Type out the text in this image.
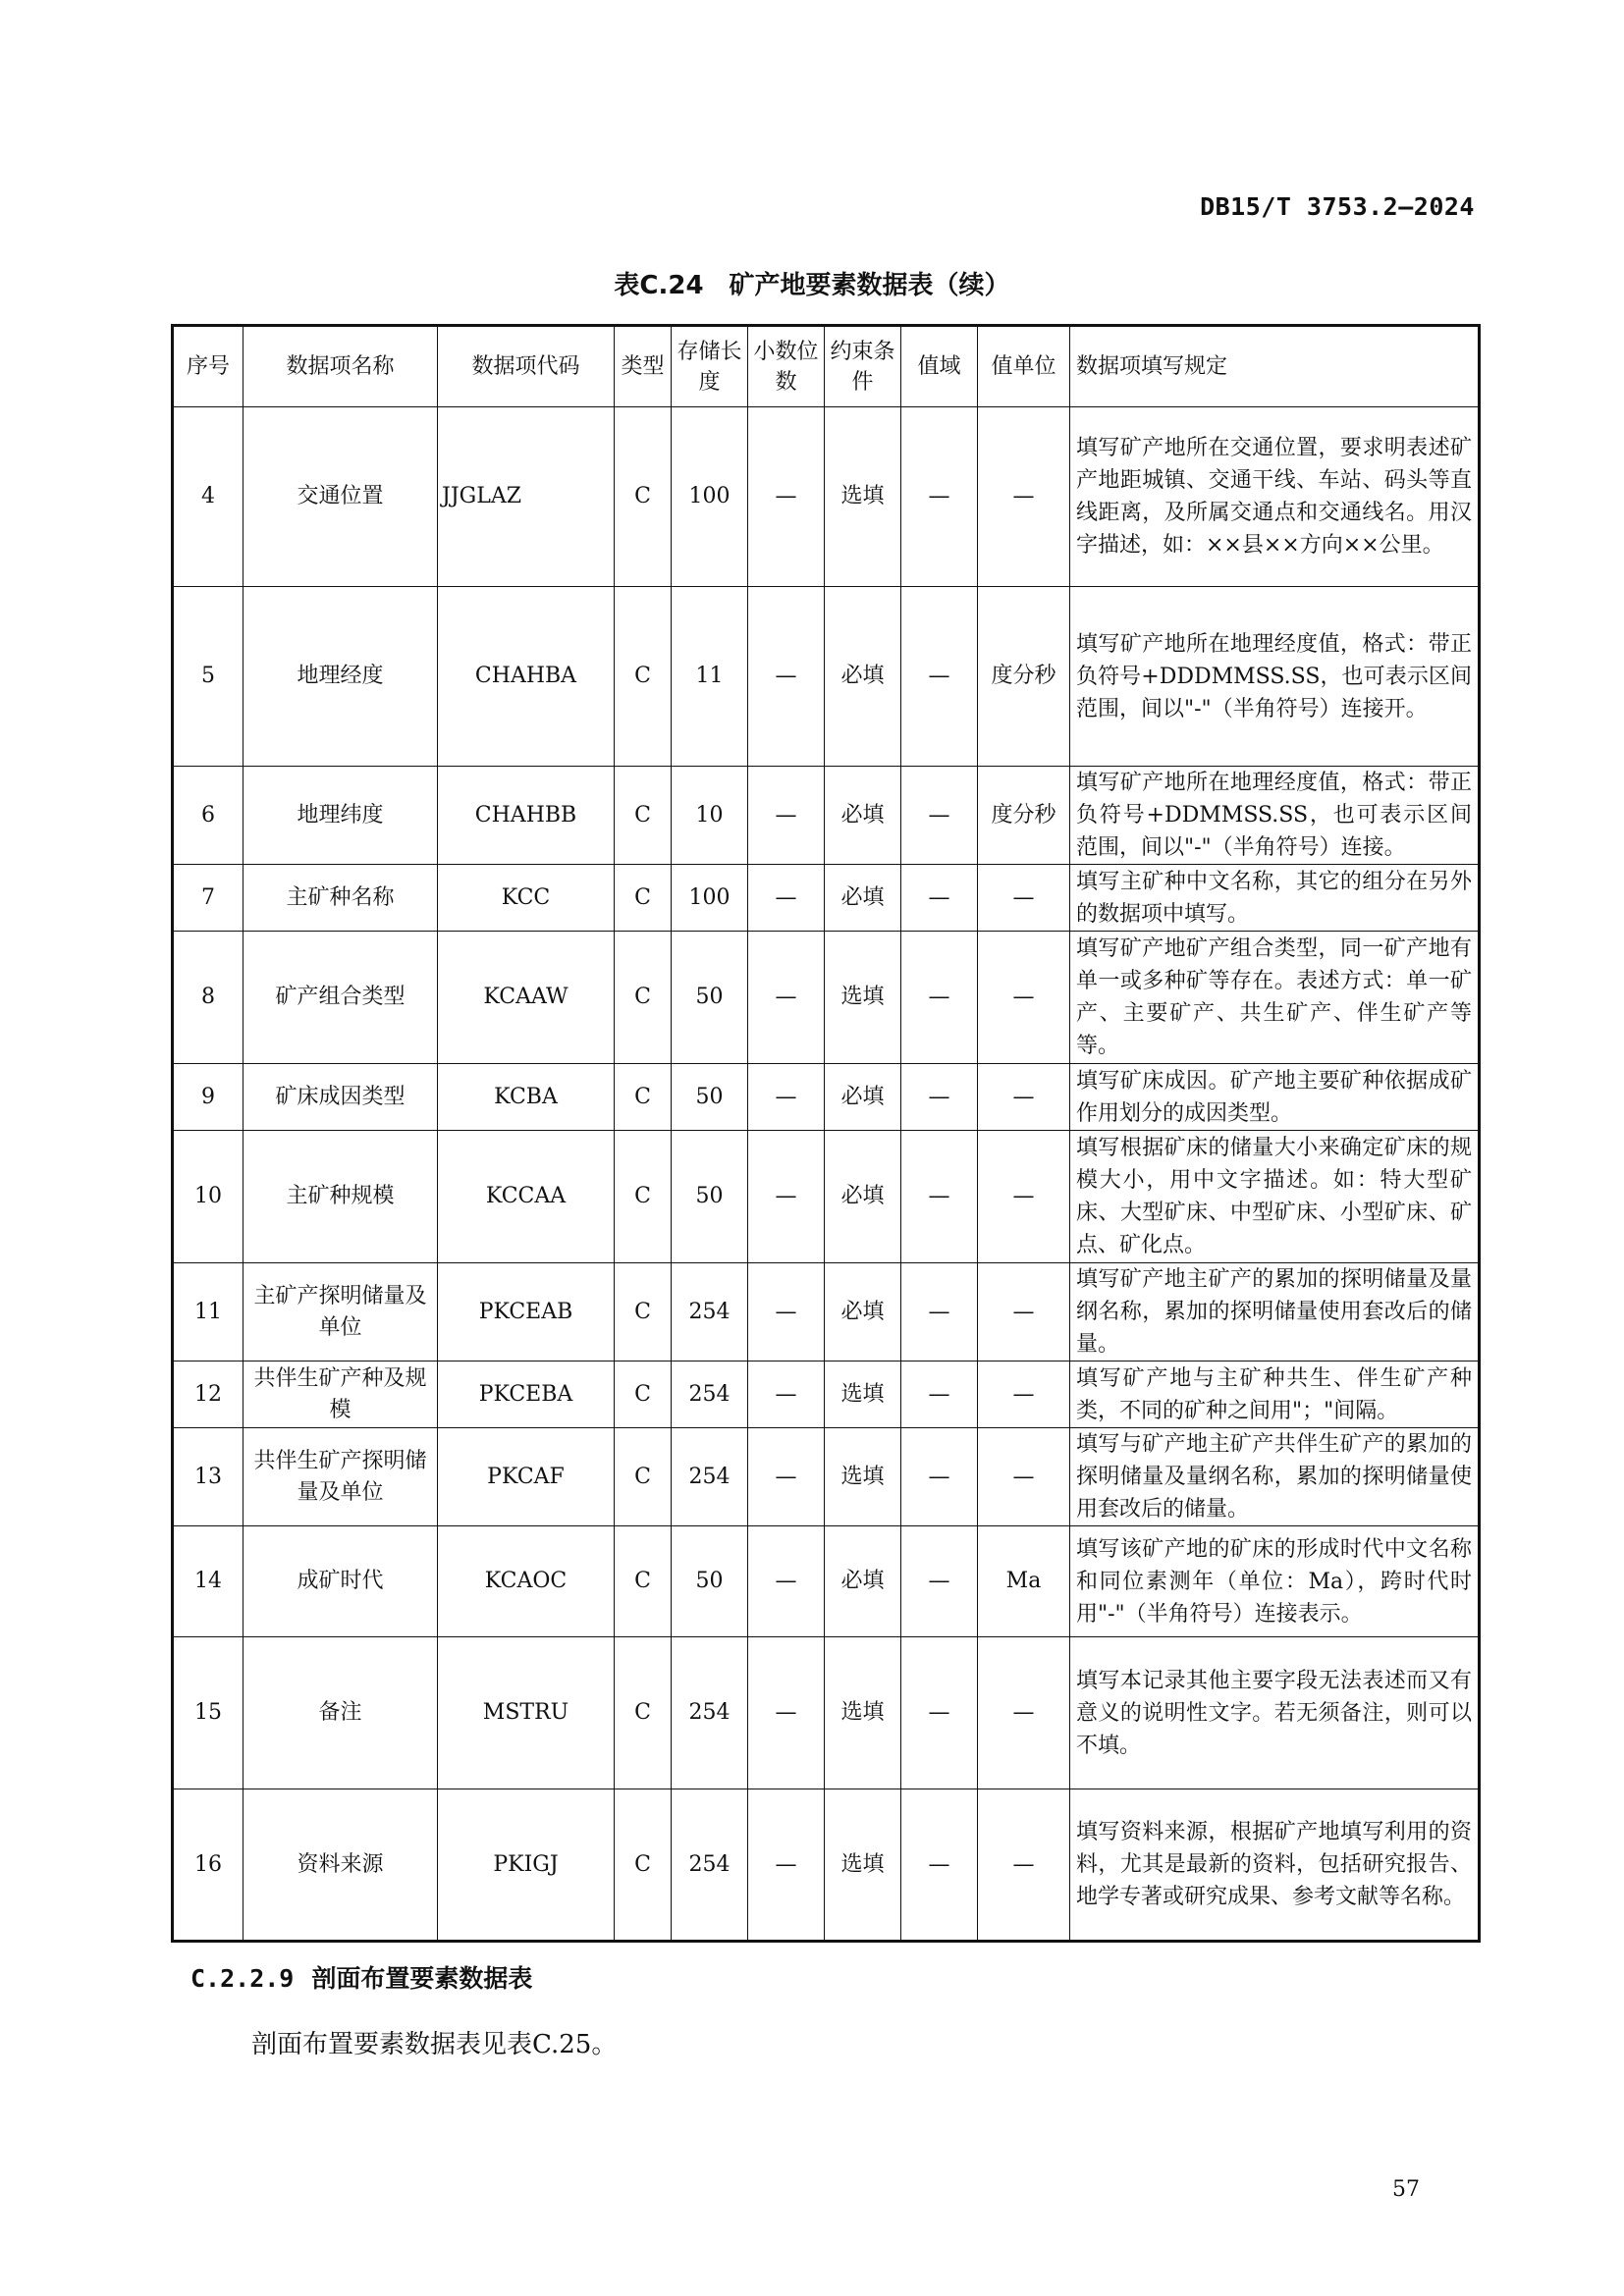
DB15/T 3753.2—2024
表C.24　矿产地要素数据表（续）
序号	数据项名称	数据项代码	类型	存储长度	小数位数	约束条件	值域	值单位	数据项填写规定
4	交通位置	JJGLAZ	C	100	—	选填	—	—	填写矿产地所在交通位置，要求明表述矿产地距城镇、交通干线、车站、码头等直线距离，及所属交通点和交通线名。用汉字描述，如：××县××方向××公里。
5	地理经度	CHAHBA	C	11	—	必填	—	度分秒	填写矿产地所在地理经度值，格式：带正负符号+DDDMMSS.SS，也可表示区间范围，间以"-"（半角符号）连接开。
6	地理纬度	CHAHBB	C	10	—	必填	—	度分秒	填写矿产地所在地理经度值，格式：带正负符号+DDMMSS.SS，也可表示区间范围，间以"-"（半角符号）连接。
7	主矿种名称	KCC	C	100	—	必填	—	—	填写主矿种中文名称，其它的组分在另外的数据项中填写。
8	矿产组合类型	KCAAW	C	50	—	选填	—	—	填写矿产地矿产组合类型，同一矿产地有单一或多种矿等存在。表述方式：单一矿产、主要矿产、共生矿产、伴生矿产等等。
9	矿床成因类型	KCBA	C	50	—	必填	—	—	填写矿床成因。矿产地主要矿种依据成矿作用划分的成因类型。
10	主矿种规模	KCCAA	C	50	—	必填	—	—	填写根据矿床的储量大小来确定矿床的规模大小，用中文字描述。如：特大型矿床、大型矿床、中型矿床、小型矿床、矿点、矿化点。
11	主矿产探明储量及单位	PKCEAB	C	254	—	必填	—	—	填写矿产地主矿产的累加的探明储量及量纲名称，累加的探明储量使用套改后的储量。
12	共伴生矿产种及规模	PKCEBA	C	254	—	选填	—	—	填写矿产地与主矿种共生、伴生矿产种类，不同的矿种之间用"；"间隔。
13	共伴生矿产探明储量及单位	PKCAF	C	254	—	选填	—	—	填写与矿产地主矿产共伴生矿产的累加的探明储量及量纲名称，累加的探明储量使用套改后的储量。
14	成矿时代	KCAOC	C	50	—	必填	—	Ma	填写该矿产地的矿床的形成时代中文名称和同位素测年（单位：Ma），跨时代时用"-"（半角符号）连接表示。
15	备注	MSTRU	C	254	—	选填	—	—	填写本记录其他主要字段无法表述而又有意义的说明性文字。若无须备注，则可以不填。
16	资料来源	PKIGJ	C	254	—	选填	—	—	填写资料来源，根据矿产地填写利用的资料，尤其是最新的资料，包括研究报告、地学专著或研究成果、参考文献等名称。
C.2.2.9 剖面布置要素数据表
剖面布置要素数据表见表C.25。
57
